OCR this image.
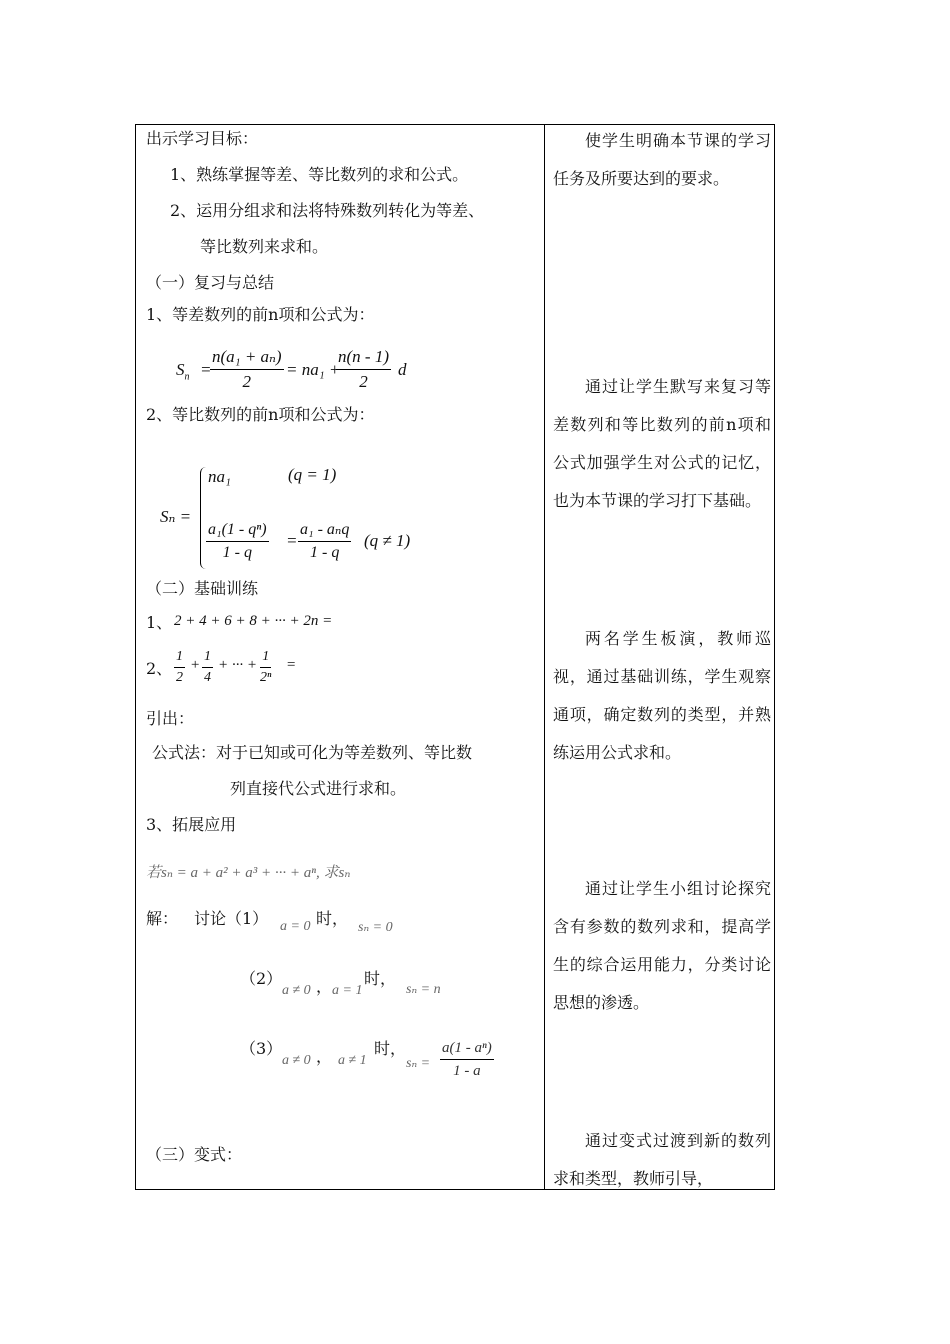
出示学习目标：
1、熟练掌握等差、等比数列的求和公式。
2、运用分组求和法将特殊数列转化为等差、
等比数列来求和。
（一）复习与总结
1、等差数列的前n项和公式为：
$S_n$ =
$\frac{\text{n(a₁ + aₙ)}}{2} = na_1$ +
$\frac{n(n - 1)}{2}$ d
2、等比数列的前n项和公式为：
Sₙ =
na₁	(q = 1)
$\frac{\text{a₁(1 - qⁿ)}}{1 - q}$ =
a₁ - aₙq
1 - q
(q ≠ 1)
（二）基础训练
1、 2 + 4 + 6 + 8 + ··· + 2n =
2、 $\frac{1}{2} + \frac{1}{4}$ + ··· + $\frac{1}{\text{2ⁿ}}$ =
引出：
公式法：对于已知或可化为等差数列、等比数
列直接代公式进行求和。
3、拓展应用
若sₙ = a + a² + a³ + ··· + aⁿ, 求sₙ
解： 讨论（1） a = 0 时， sₙ = 0
（2）
a ≠ 0 ， a = 1
时，
sₙ = n
（3）
a ≠ 0 ， a ≠ 1
时，
$s_n = \frac{\text{a(1 - aⁿ)}}{1 - a}$
（三）变式：

使学生明确本节课的学习任务及所要达到的要求。

通过让学生默写来复习等差数列和等比数列的前n项和公式加强学生对公式的记忆，也为本节课的学习打下基础。

两名学生板演，教师巡视，通过基础训练，学生观察通项，确定数列的类型，并熟练运用公式求和。

通过让学生小组讨论探究含有参数的数列求和，提高学生的综合运用能力，分类讨论思想的渗透。

通过变式过渡到新的数列求和类型，教师引导，
